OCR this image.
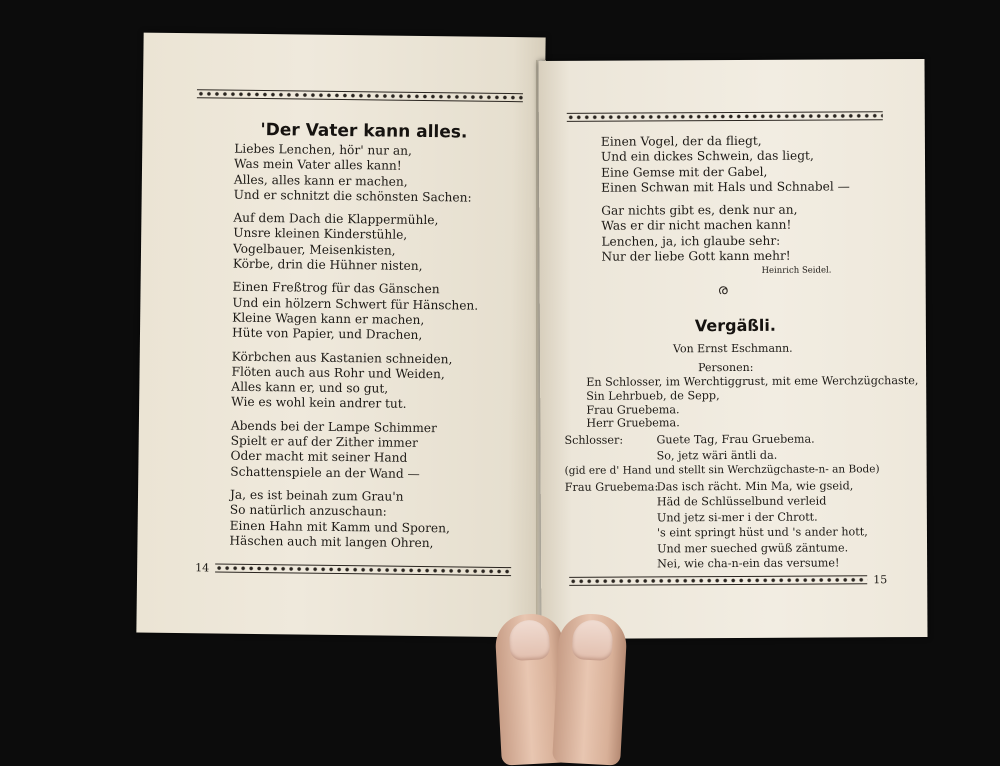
'Der Vater kann alles.
Liebes Lenchen, hör' nur an,
Was mein Vater alles kann!
Alles, alles kann er machen,
Und er schnitzt die schönsten Sachen:
Auf dem Dach die Klappermühle,
Unsre kleinen Kinderstühle,
Vogelbauer, Meisenkisten,
Körbe, drin die Hühner nisten,
Einen Freßtrog für das Gänschen
Und ein hölzern Schwert für Hänschen.
Kleine Wagen kann er machen,
Hüte von Papier, und Drachen,
Körbchen aus Kastanien schneiden,
Flöten auch aus Rohr und Weiden,
Alles kann er, und so gut,
Wie es wohl kein andrer tut.
Abends bei der Lampe Schimmer
Spielt er auf der Zither immer
Oder macht mit seiner Hand
Schattenspiele an der Wand —
Ja, es ist beinah zum Grau'n
So natürlich anzuschaun:
Einen Hahn mit Kamm und Sporen,
Häschen auch mit langen Ohren,
14
Einen Vogel, der da fliegt,
Und ein dickes Schwein, das liegt,
Eine Gemse mit der Gabel,
Einen Schwan mit Hals und Schnabel —
Gar nichts gibt es, denk nur an,
Was er dir nicht machen kann!
Lenchen, ja, ich glaube sehr:
Nur der liebe Gott kann mehr!
Heinrich Seidel.
ര
Vergäßli.
Von Ernst Eschmann.
Personen:
En Schlosser, im Werchtiggrust, mit eme Werchzügchaste,
Sin Lehrbueb, de Sepp,
Frau Gruebema.
Herr Gruebema.
Schlosser:	Guete Tag, Frau Gruebema.
So, jetz wäri äntli da.
(gid ere d' Hand und stellt sin Werchzügchaste-n- an Bode)
Frau Gruebema:
Das isch rächt. Min Ma, wie gseid,
Häd de Schlüsselbund verleid
Und jetz si-mer i der Chrott.
's eint springt hüst und 's ander hott,
Und mer sueched gwüß zäntume.
Nei, wie cha-n-ein das versume!
15
